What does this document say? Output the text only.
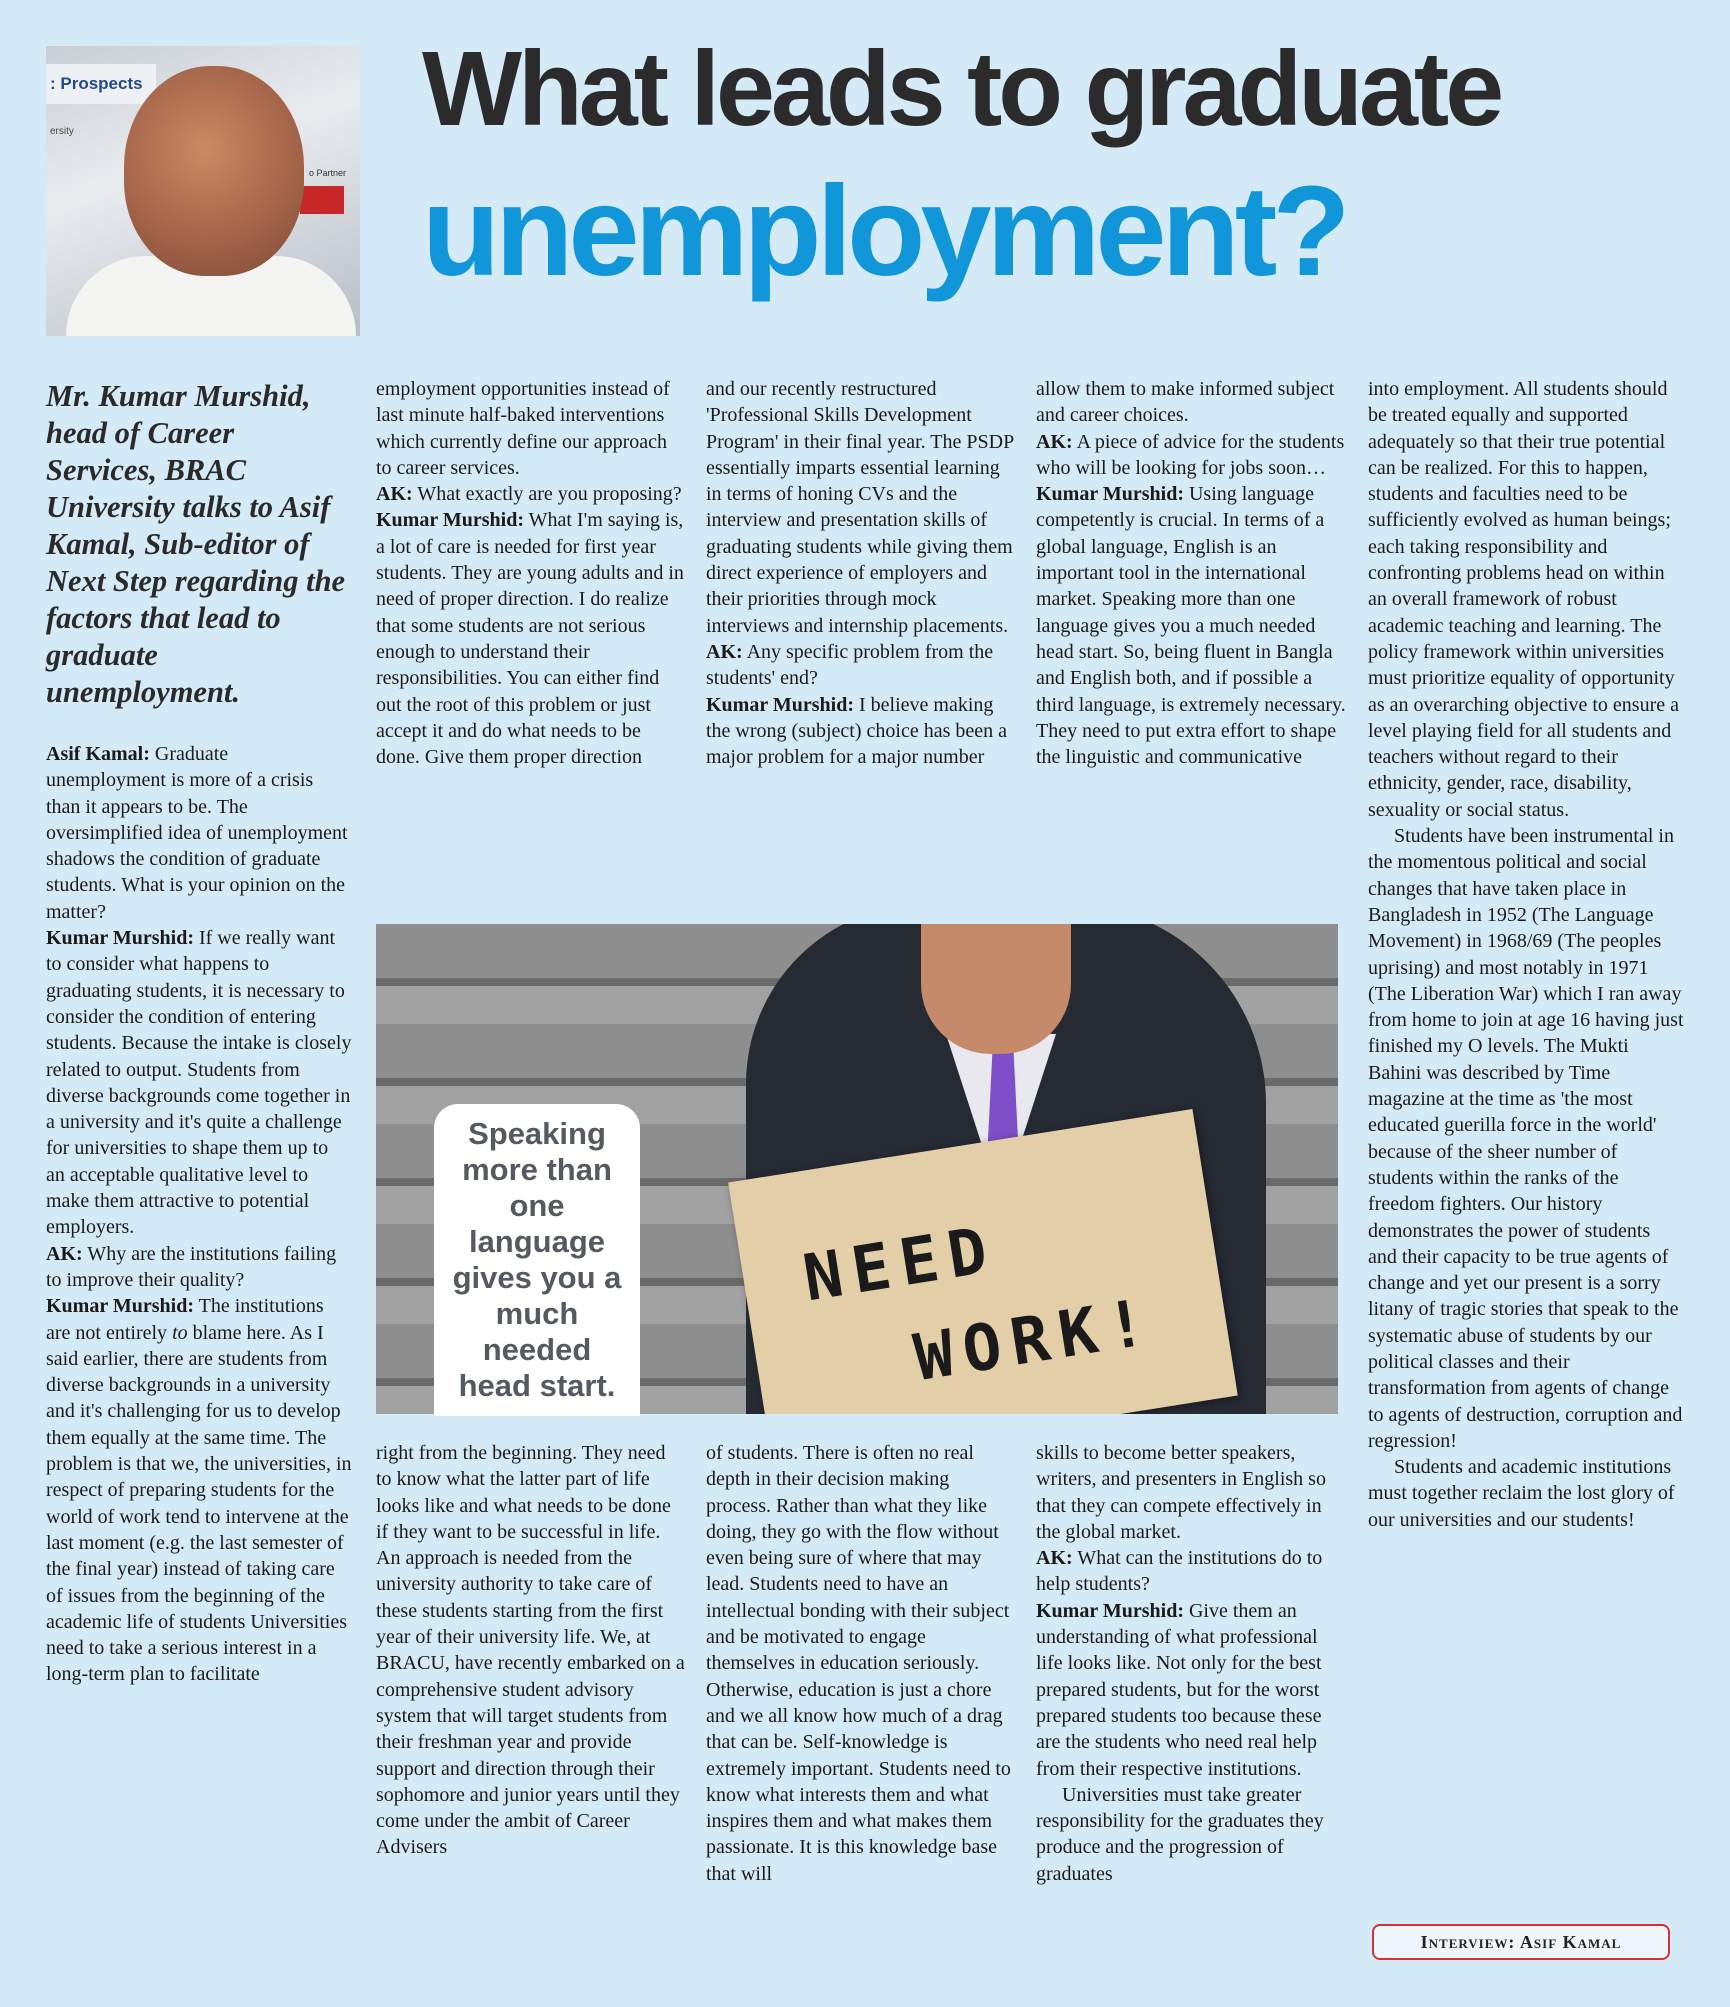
: Prospects
ersity
o Partner
What leads to graduate
unemployment?
Mr. Kumar Murshid, head of Career Services, BRAC University talks to Asif Kamal, Sub-editor of Next Step regarding the factors that lead to graduate unemployment.

Asif Kamal: Graduate unemployment is more of a crisis than it appears to be. The oversimplified idea of unemployment shadows the condition of graduate students. What is your opinion on the matter?

Kumar Murshid: If we really want to consider what happens to graduating students, it is necessary to consider the condition of entering students. Because the intake is closely related to output. Students from diverse backgrounds come together in a university and it's quite a challenge for universities to shape them up to an acceptable qualitative level to make them attractive to potential employers.

AK: Why are the institutions failing to improve their quality?

Kumar Murshid: The institutions are not entirely to blame here. As I said earlier, there are students from diverse backgrounds in a university and it's challenging for us to develop them equally at the same time. The problem is that we, the universities, in respect of preparing students for the world of work tend to intervene at the last moment (e.g. the last semester of the final year) instead of taking care of issues from the beginning of the academic life of students Universities need to take a serious interest in a long-term plan to facilitate

employment opportunities instead of last minute half-baked interventions which currently define our approach to career services.

AK: What exactly are you proposing?

Kumar Murshid: What I'm saying is, a lot of care is needed for first year students. They are young adults and in need of proper direction. I do realize that some students are not serious enough to understand their responsibilities. You can either find out the root of this problem or just accept it and do what needs to be done. Give them proper direction

and our recently restructured 'Professional Skills Development Program' in their final year. The PSDP essentially imparts essential learning in terms of honing CVs and the interview and presentation skills of graduating students while giving them direct experience of employers and their priorities through mock interviews and internship placements.

AK: Any specific problem from the students' end?

Kumar Murshid: I believe making the wrong (subject) choice has been a major problem for a major number

allow them to make informed subject and career choices.

AK: A piece of advice for the students who will be looking for jobs soon…

Kumar Murshid: Using language competently is crucial. In terms of a global language, English is an important tool in the international market. Speaking more than one language gives you a much needed head start. So, being fluent in Bangla and English both, and if possible a third language, is extremely necessary. They need to put extra effort to shape the linguistic and communicative

NEED
WORK!
Speaking more than one language gives you a much needed head start.

right from the beginning. They need to know what the latter part of life looks like and what needs to be done if they want to be successful in life. An approach is needed from the university authority to take care of these students starting from the first year of their university life. We, at BRACU, have recently embarked on a comprehensive student advisory system that will target students from their freshman year and provide support and direction through their sophomore and junior years until they come under the ambit of Career Advisers

of students. There is often no real depth in their decision making process. Rather than what they like doing, they go with the flow without even being sure of where that may lead. Students need to have an intellectual bonding with their subject and be motivated to engage themselves in education seriously. Otherwise, education is just a chore and we all know how much of a drag that can be. Self-knowledge is extremely important. Students need to know what interests them and what inspires them and what makes them passionate. It is this knowledge base that will

skills to become better speakers, writers, and presenters in English so that they can compete effectively in the global market.

AK: What can the institutions do to help students?

Kumar Murshid: Give them an understanding of what professional life looks like. Not only for the best prepared students, but for the worst prepared students too because these are the students who need real help from their respective institutions.

Universities must take greater responsibility for the graduates they produce and the progression of graduates

into employment. All students should be treated equally and supported adequately so that their true potential can be realized. For this to happen, students and faculties need to be sufficiently evolved as human beings; each taking responsibility and confronting problems head on within an overall framework of robust academic teaching and learning. The policy framework within universities must prioritize equality of opportunity as an overarching objective to ensure a level playing field for all students and teachers without regard to their ethnicity, gender, race, disability, sexuality or social status.

Students have been instrumental in the momentous political and social changes that have taken place in Bangladesh in 1952 (The Language Movement) in 1968/69 (The peoples uprising) and most notably in 1971 (The Liberation War) which I ran away from home to join at age 16 having just finished my O levels. The Mukti Bahini was described by Time magazine at the time as 'the most educated guerilla force in the world' because of the sheer number of students within the ranks of the freedom fighters. Our history demonstrates the power of students and their capacity to be true agents of change and yet our present is a sorry litany of tragic stories that speak to the systematic abuse of students by our political classes and their transformation from agents of change to agents of destruction, corruption and regression!

Students and academic institutions must together reclaim the lost glory of our universities and our students!

Interview: Asif Kamal
